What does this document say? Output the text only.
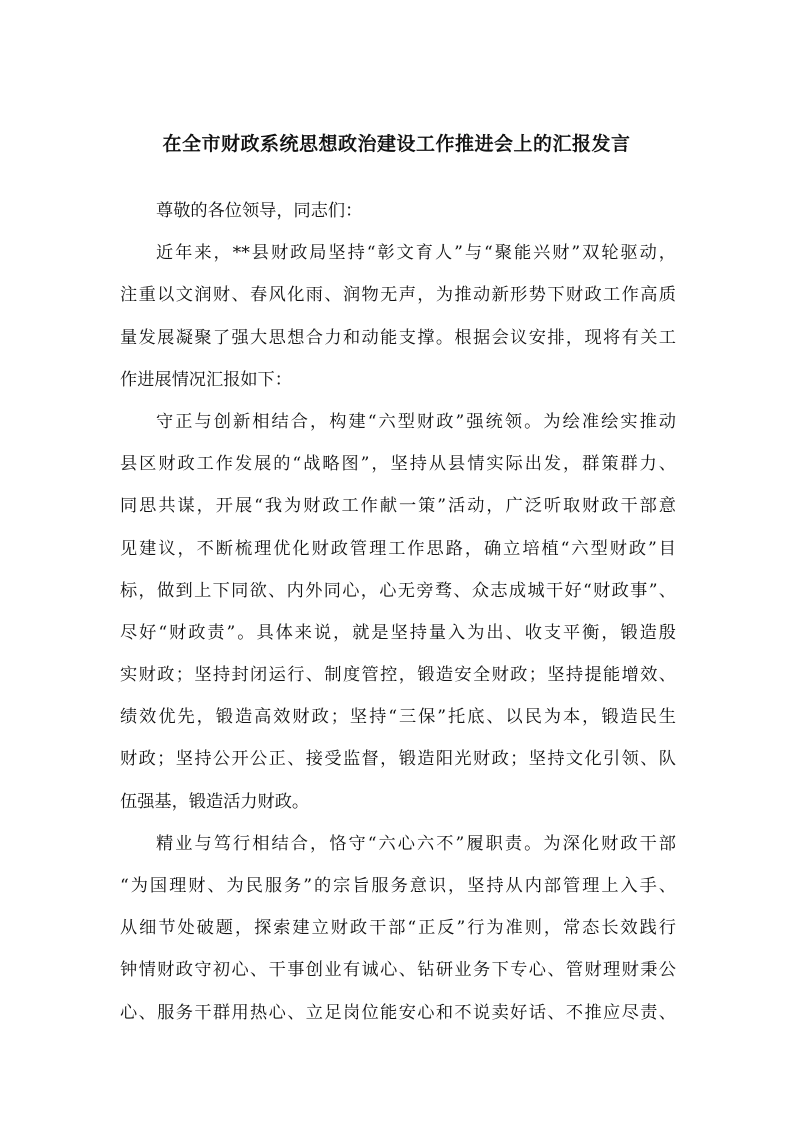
在全市财政系统思想政治建设工作推进会上的汇报发言
尊敬的各位领导，同志们：
近年来，**县财政局坚持“彰文育人”与“聚能兴财”双轮驱动，
注重以文润财、春风化雨、润物无声，为推动新形势下财政工作高质
量发展凝聚了强大思想合力和动能支撑。根据会议安排，现将有关工
作进展情况汇报如下：
守正与创新相结合，构建“六型财政”强统领。为绘准绘实推动
县区财政工作发展的“战略图”，坚持从县情实际出发，群策群力、
同思共谋，开展“我为财政工作献一策”活动，广泛听取财政干部意
见建议，不断梳理优化财政管理工作思路，确立培植“六型财政”目
标，做到上下同欲、内外同心，心无旁骛、众志成城干好“财政事”、
尽好“财政责”。具体来说，就是坚持量入为出、收支平衡，锻造殷
实财政；坚持封闭运行、制度管控，锻造安全财政；坚持提能增效、
绩效优先，锻造高效财政；坚持“三保”托底、以民为本，锻造民生
财政；坚持公开公正、接受监督，锻造阳光财政；坚持文化引领、队
伍强基，锻造活力财政。
精业与笃行相结合，恪守“六心六不”履职责。为深化财政干部
“为国理财、为民服务”的宗旨服务意识，坚持从内部管理上入手、
从细节处破题，探索建立财政干部“正反”行为准则，常态长效践行
钟情财政守初心、干事创业有诚心、钻研业务下专心、管财理财秉公
心、服务干群用热心、立足岗位能安心和不说卖好话、不推应尽责、
